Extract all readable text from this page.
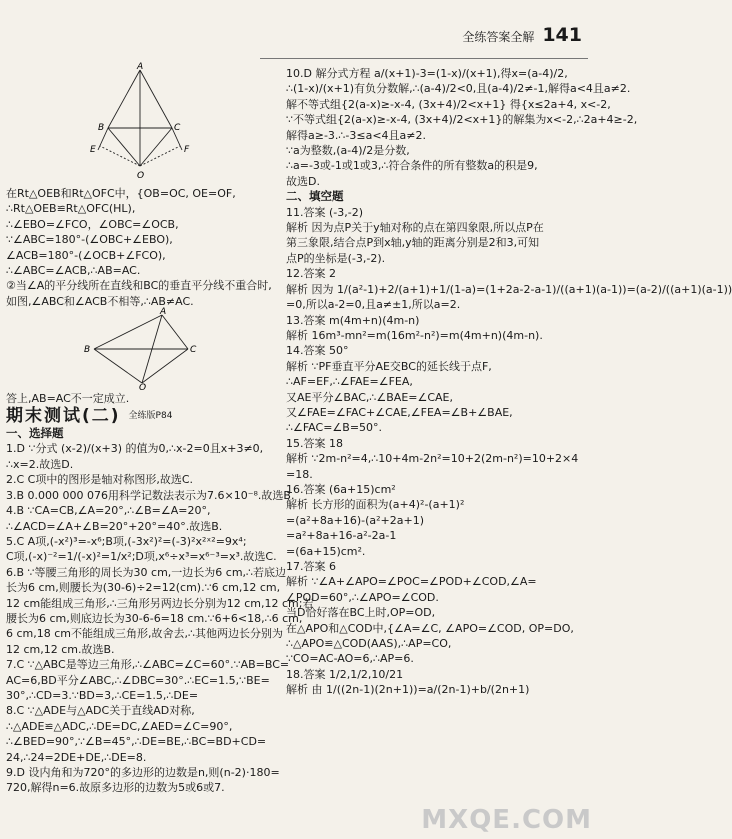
全练答案全解 141
A
B	C
E	F
O
在Rt△OEB和Rt△OFC中，{OB=OC, OE=OF,
∴Rt△OEB≌Rt△OFC(HL),
∴∠EBO=∠FCO，∠OBC=∠OCB,
∵∠ABC=180°-(∠OBC+∠EBO),
∠ACB=180°-(∠OCB+∠FCO),
∴∠ABC=∠ACB,∴AB=AC.
②当∠A的平分线所在直线和BC的垂直平分线不重合时,
如图,∠ABC和∠ACB不相等,∴AB≠AC.
A
B	C
O
答上,AB=AC不一定成立.
期末测试(二) 全练版P84
一、选择题
1.D ∵分式 (x-2)/(x+3) 的值为0,∴x-2=0且x+3≠0,
∴x=2.故选D.
2.C C项中的图形是轴对称图形,故选C.
3.B 0.000 000 076用科学记数法表示为7.6×10⁻⁸.故选B.
4.B ∵CA=CB,∠A=20°,∴∠B=∠A=20°,
∴∠ACD=∠A+∠B=20°+20°=40°.故选B.
5.C A项,(-x²)³=-x⁶;B项,(-3x²)²=(-3)²x²ˣ²=9x⁴;
C项,(-x)⁻²=1/(-x)²=1/x²;D项,x⁶÷x³=x⁶⁻³=x³.故选C.
6.B ∵等腰三角形的周长为30 cm,一边长为6 cm,∴若底边
长为6 cm,则腰长为(30-6)÷2=12(cm).∵6 cm,12 cm,
12 cm能组成三角形,∴三角形另两边长分别为12 cm,12 cm;若
腰长为6 cm,则底边长为30-6-6=18 cm.∵6+6<18,∴6 cm,
6 cm,18 cm不能组成三角形,故舍去,∴其他两边长分别为
12 cm,12 cm.故选B.
7.C ∵△ABC是等边三角形,∴∠ABC=∠C=60°.∵AB=BC=
AC=6,BD平分∠ABC,∴∠DBC=30°.∴EC=1.5,∵BE=
30°,∴CD=3.∵BD=3,∴CE=1.5,∴DE=
8.C ∵△ADE与△ADC关于直线AD对称,
∴△ADE≌△ADC,∴DE=DC,∠AED=∠C=90°,
∴∠BED=90°,∵∠B=45°,∴DE=BE,∴BC=BD+CD=
24,∴24=2DE+DE,∴DE=8.
9.D 设内角和为720°的多边形的边数是n,则(n-2)·180=
720,解得n=6.故原多边形的边数为5或6或7.
10.D 解分式方程 a/(x+1)-3=(1-x)/(x+1),得x=(a-4)/2,
∴(1-x)/(x+1)有负分数解,∴(a-4)/2<0,且(a-4)/2≠-1,解得a<4且a≠2.
解不等式组{2(a-x)≥-x-4, (3x+4)/2<x+1} 得{x≤2a+4, x<-2,
∵不等式组{2(a-x)≥-x-4, (3x+4)/2<x+1}的解集为x<-2,∴2a+4≥-2,
解得a≥-3.∴-3≤a<4且a≠2.
∵a为整数,(a-4)/2是分数,
∴a=-3或-1或1或3,∴符合条件的所有整数a的积是9,
故选D.
二、填空题
11.答案 (-3,-2)
解析 因为点P关于y轴对称的点在第四象限,所以点P在
第三象限,结合点P到x轴,y轴的距离分别是2和3,可知
点P的坐标是(-3,-2).
12.答案 2
解析 因为 1/(a²-1)+2/(a+1)+1/(1-a)=(1+2a-2-a-1)/((a+1)(a-1))=(a-2)/((a+1)(a-1))
=0,所以a-2=0,且a≠±1,所以a=2.
13.答案 m(4m+n)(4m-n)
解析 16m³-mn²=m(16m²-n²)=m(4m+n)(4m-n).
14.答案 50°
解析 ∵PF垂直平分AE交BC的延长线于点F,
∴AF=EF,∴∠FAE=∠FEA,
又AE平分∠BAC,∴∠BAE=∠CAE,
又∠FAE=∠FAC+∠CAE,∠FEA=∠B+∠BAE,
∴∠FAC=∠B=50°.
15.答案 18
解析 ∵2m-n²=4,∴10+4m-2n²=10+2(2m-n²)=10+2×4
=18.
16.答案 (6a+15)cm²
解析 长方形的面积为(a+4)²-(a+1)²
=(a²+8a+16)-(a²+2a+1)
=a²+8a+16-a²-2a-1
=(6a+15)cm².
17.答案 6
解析 ∵∠A+∠APO=∠POC=∠POD+∠COD,∠A=
∠POD=60°,∴∠APO=∠COD.
当D恰好落在BC上时,OP=OD,
在△APO和△COD中,{∠A=∠C, ∠APO=∠COD, OP=DO,
∴△APO≌△COD(AAS),∴AP=CO,
∵CO=AC-AO=6,∴AP=6.
18.答案 1/2,1/2,10/21
解析 由 1/((2n-1)(2n+1))=a/(2n-1)+b/(2n+1)
MXQE.COM
